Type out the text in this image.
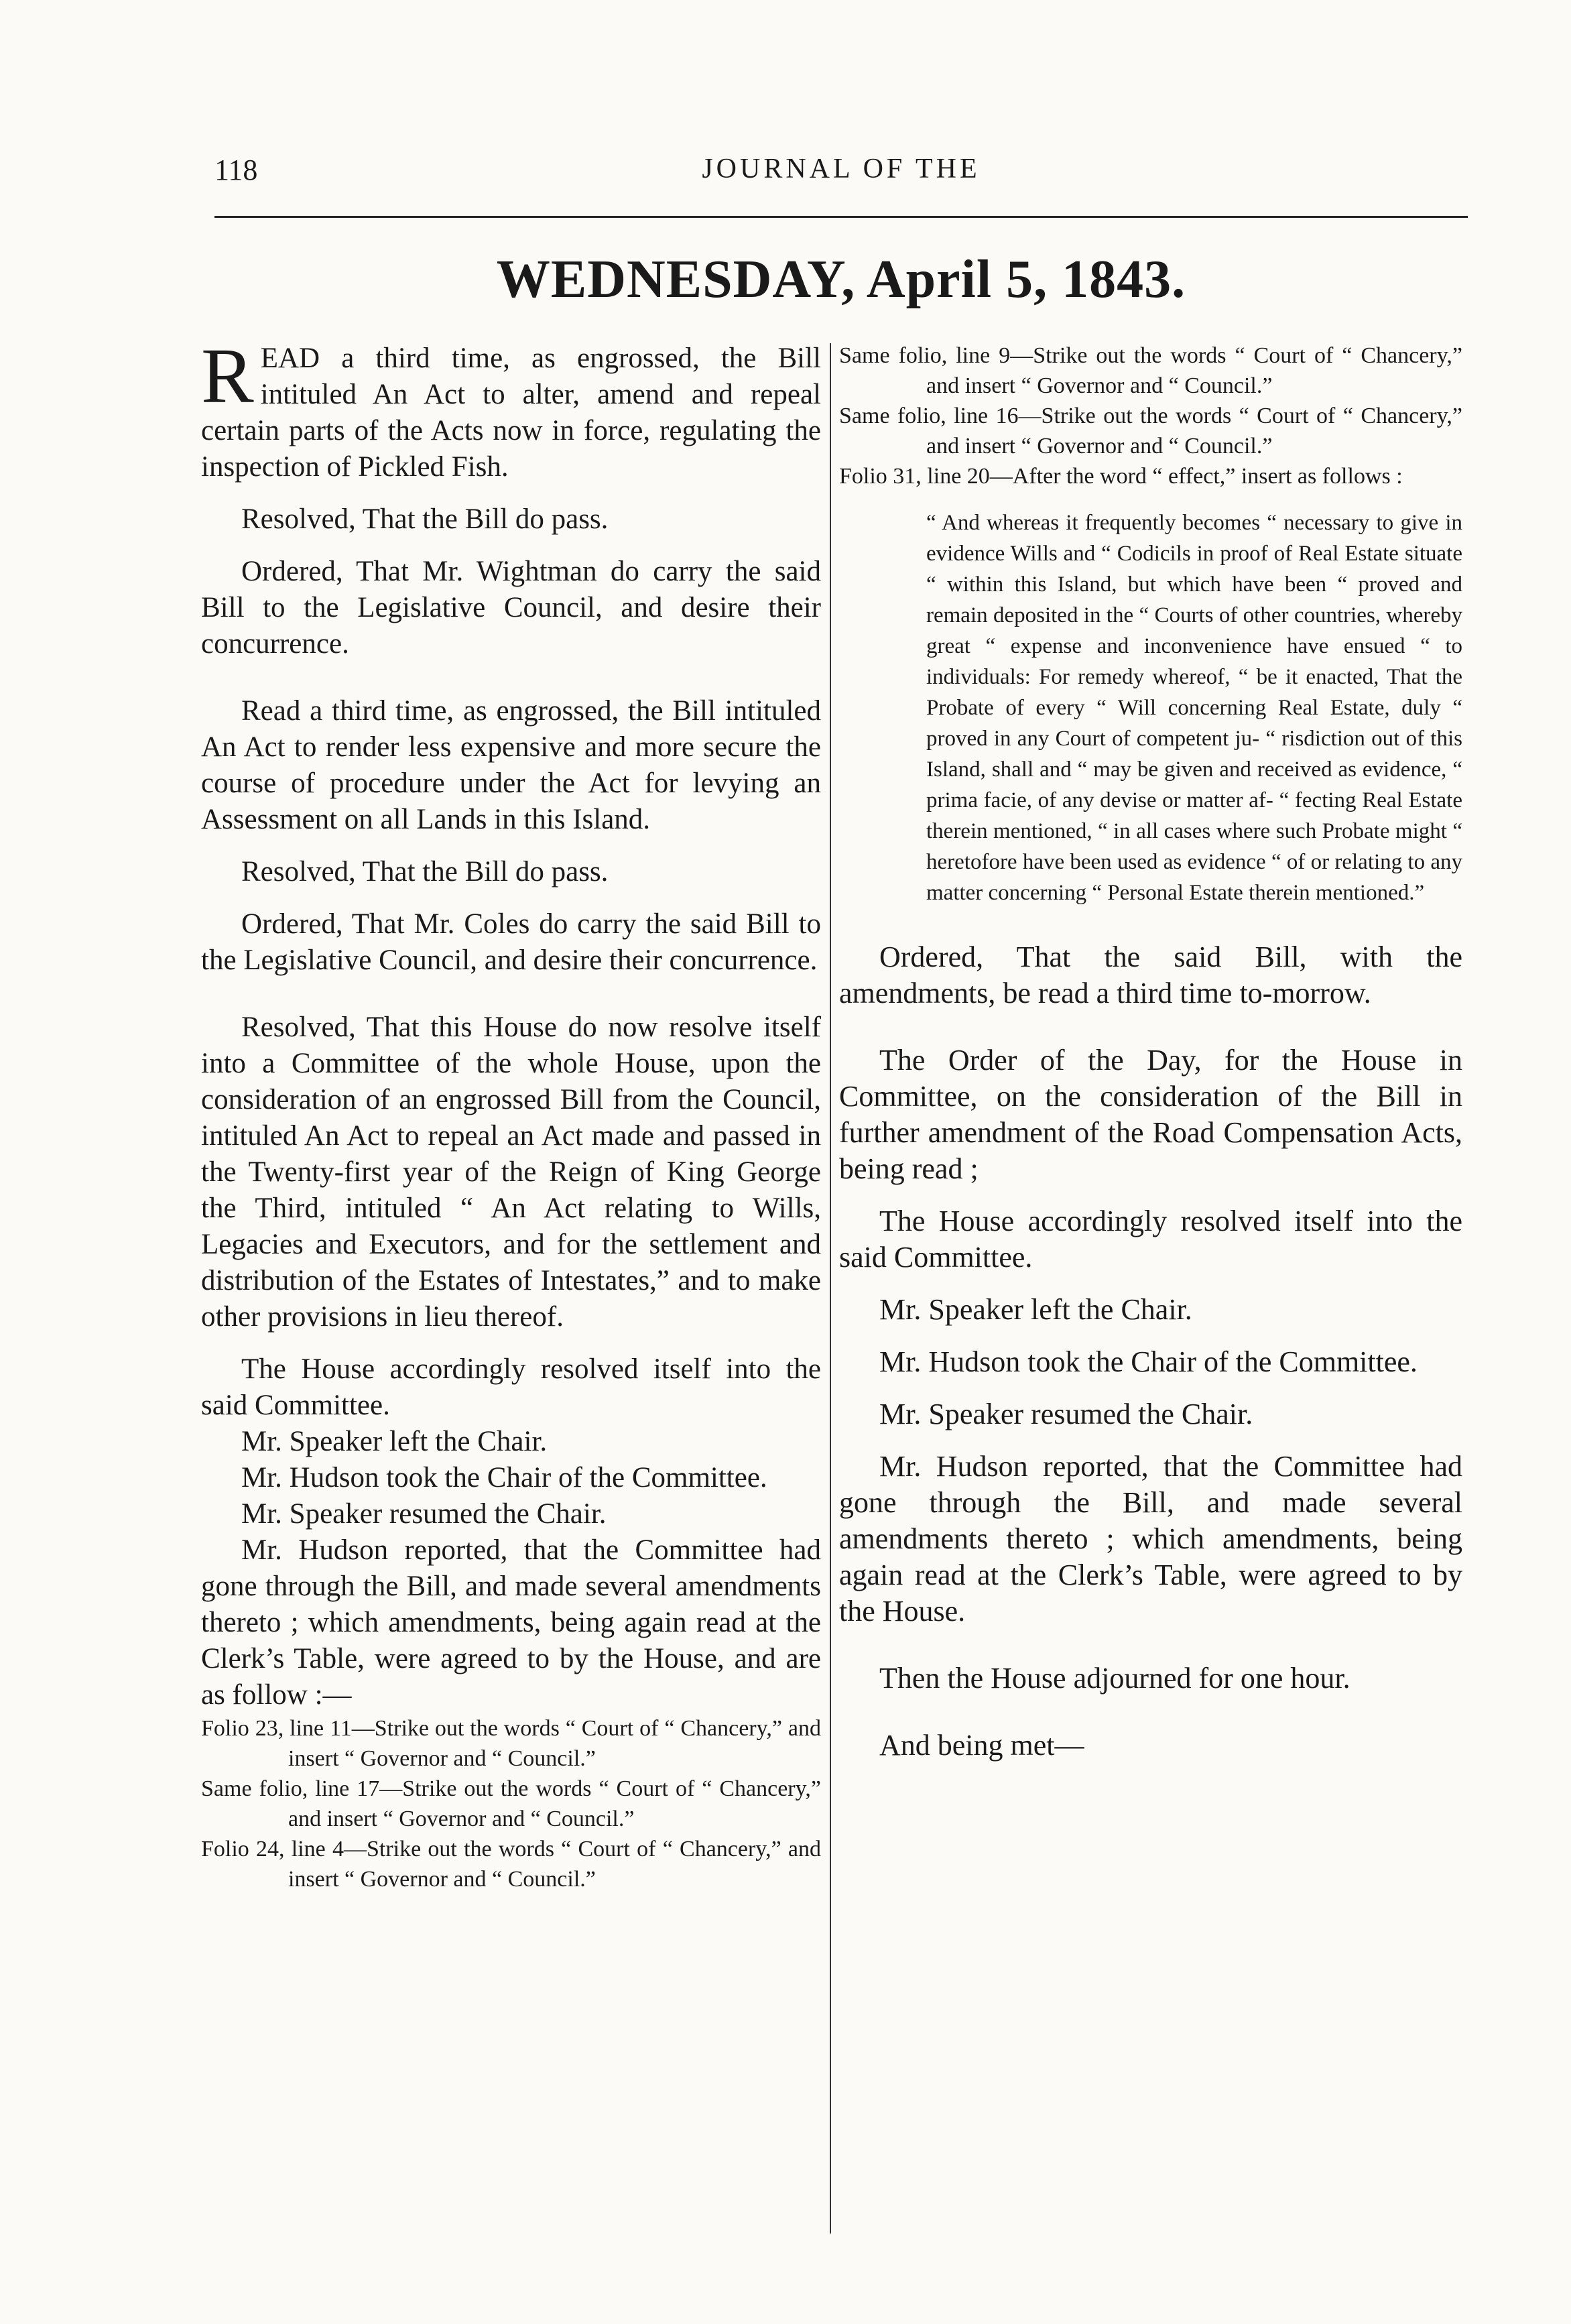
118	JOURNAL OF THE
WEDNESDAY, April 5, 1843.

READ a third time, as engrossed, the Bill intituled An Act to alter, amend and repeal certain parts of the Acts now in force, regulating the inspection of Pickled Fish.

Resolved, That the Bill do pass.

Ordered, That Mr. Wightman do carry the said Bill to the Legislative Council, and desire their concurrence.

Read a third time, as engrossed, the Bill intituled An Act to render less expensive and more secure the course of procedure under the Act for levying an Assessment on all Lands in this Island.

Resolved, That the Bill do pass.

Ordered, That Mr. Coles do carry the said Bill to the Legislative Council, and desire their concurrence.

Resolved, That this House do now resolve itself into a Committee of the whole House, upon the consideration of an engrossed Bill from the Council, intituled An Act to repeal an Act made and passed in the Twenty-first year of the Reign of King George the Third, intituled “ An Act relating to Wills, Legacies and Executors, and for the settlement and distribution of the Estates of Intestates,” and to make other provisions in lieu thereof.

The House accordingly resolved itself into the said Committee.

Mr. Speaker left the Chair.

Mr. Hudson took the Chair of the Committee.

Mr. Speaker resumed the Chair.

Mr. Hudson reported, that the Committee had gone through the Bill, and made several amendments thereto ; which amendments, being again read at the Clerk’s Table, were agreed to by the House, and are as follow :—

Folio 23, line 11—Strike out the words “ Court of “ Chancery,” and insert “ Governor and “ Council.”

Same folio, line 17—Strike out the words “ Court of “ Chancery,” and insert “ Governor and “ Council.”

Folio 24, line 4—Strike out the words “ Court of “ Chancery,” and insert “ Governor and “ Council.”

Same folio, line 9—Strike out the words “ Court of “ Chancery,” and insert “ Governor and “ Council.”

Same folio, line 16—Strike out the words “ Court of “ Chancery,” and insert “ Governor and “ Council.”

Folio 31, line 20—After the word “ effect,” insert as follows :

“ And whereas it frequently becomes “ necessary to give in evidence Wills and “ Codicils in proof of Real Estate situate “ within this Island, but which have been “ proved and remain deposited in the “ Courts of other countries, whereby great “ expense and inconvenience have ensued “ to individuals: For remedy whereof, “ be it enacted, That the Probate of every “ Will concerning Real Estate, duly “ proved in any Court of competent ju- “ risdiction out of this Island, shall and “ may be given and received as evidence, “ prima facie, of any devise or matter af- “ fecting Real Estate therein mentioned, “ in all cases where such Probate might “ heretofore have been used as evidence “ of or relating to any matter concerning “ Personal Estate therein mentioned.”

Ordered, That the said Bill, with the amendments, be read a third time to-morrow.

The Order of the Day, for the House in Committee, on the consideration of the Bill in further amendment of the Road Compensation Acts, being read ;

The House accordingly resolved itself into the said Committee.

Mr. Speaker left the Chair.

Mr. Hudson took the Chair of the Committee.

Mr. Speaker resumed the Chair.

Mr. Hudson reported, that the Committee had gone through the Bill, and made several amendments thereto ; which amendments, being again read at the Clerk’s Table, were agreed to by the House.

Then the House adjourned for one hour.

And being met—
